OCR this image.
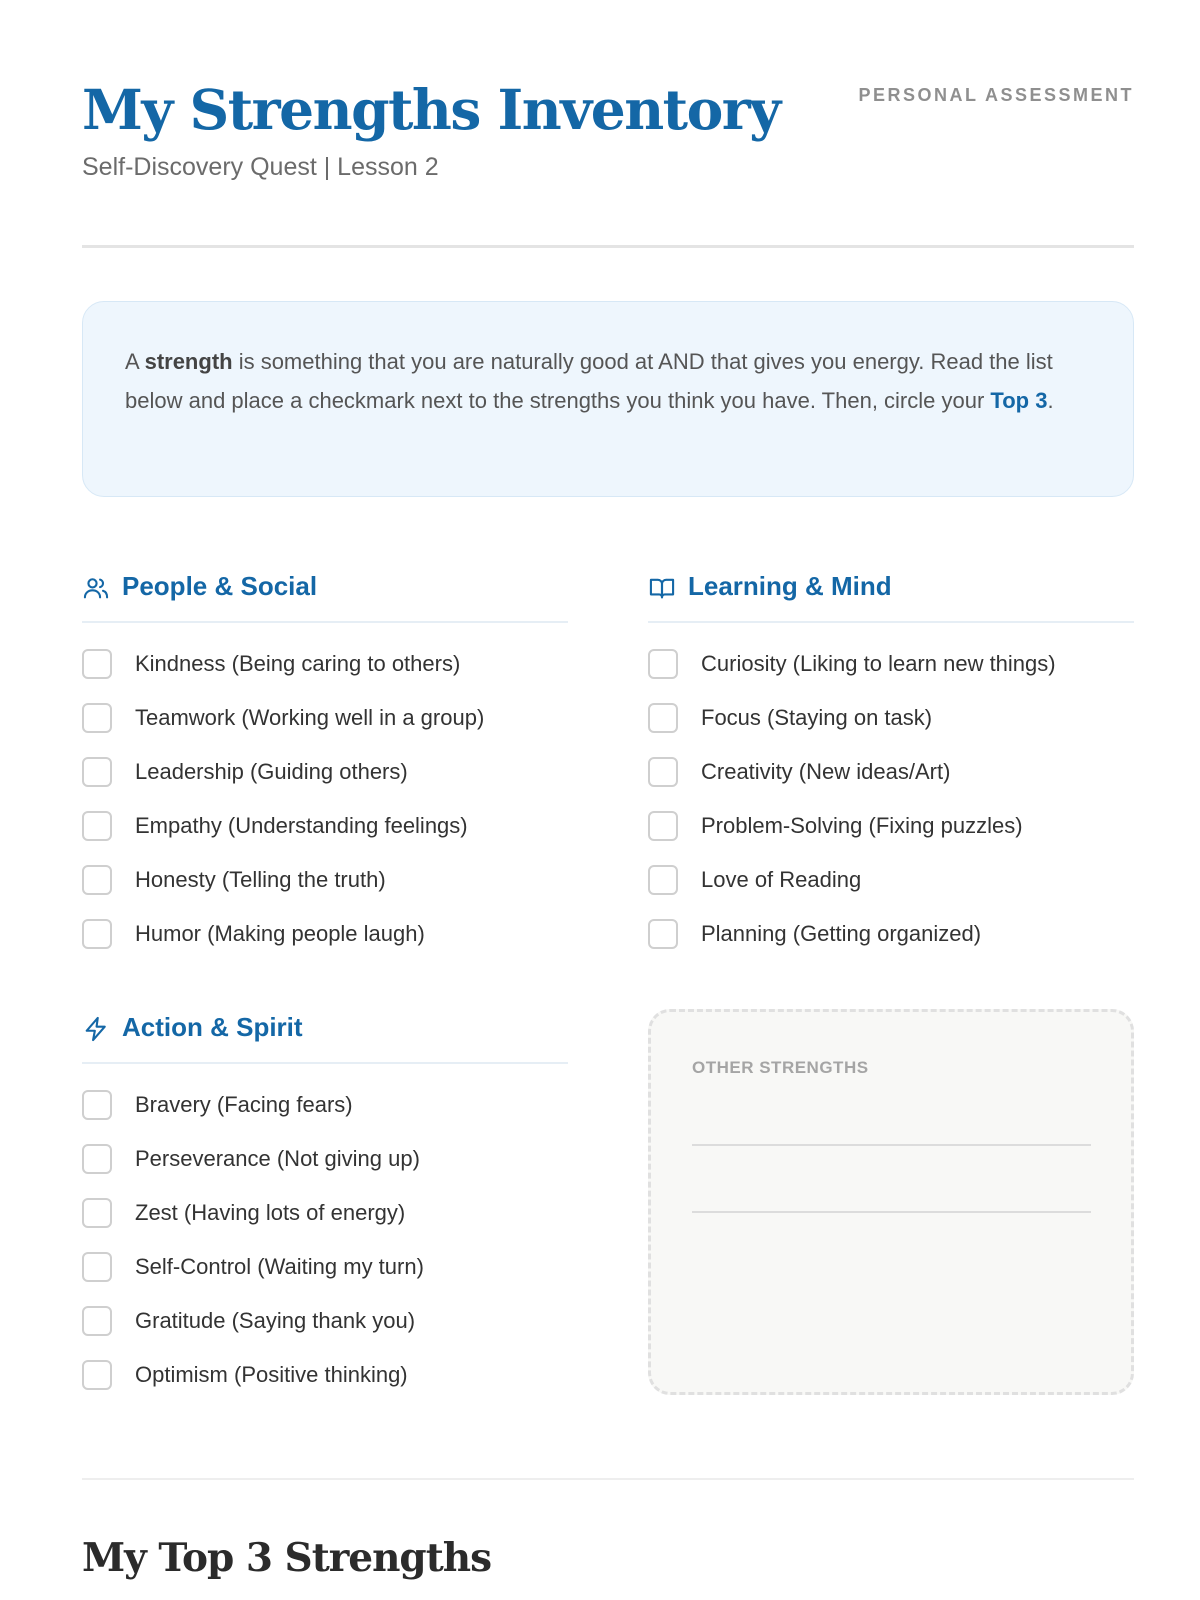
My Strengths Inventory
Self-Discovery Quest | Lesson 2
PERSONAL ASSESSMENT
A strength is something that you are naturally good at AND that gives you energy. Read the list below and place a checkmark next to the strengths you think you have. Then, circle your Top 3.
People & Social
Kindness (Being caring to others)
Teamwork (Working well in a group)
Leadership (Guiding others)
Empathy (Understanding feelings)
Honesty (Telling the truth)
Humor (Making people laugh)
Learning & Mind
Curiosity (Liking to learn new things)
Focus (Staying on task)
Creativity (New ideas/Art)
Problem-Solving (Fixing puzzles)
Love of Reading
Planning (Getting organized)
Action & Spirit
Bravery (Facing fears)
Perseverance (Not giving up)
Zest (Having lots of energy)
Self-Control (Waiting my turn)
Gratitude (Saying thank you)
Optimism (Positive thinking)
OTHER STRENGTHS
My Top 3 Strengths
